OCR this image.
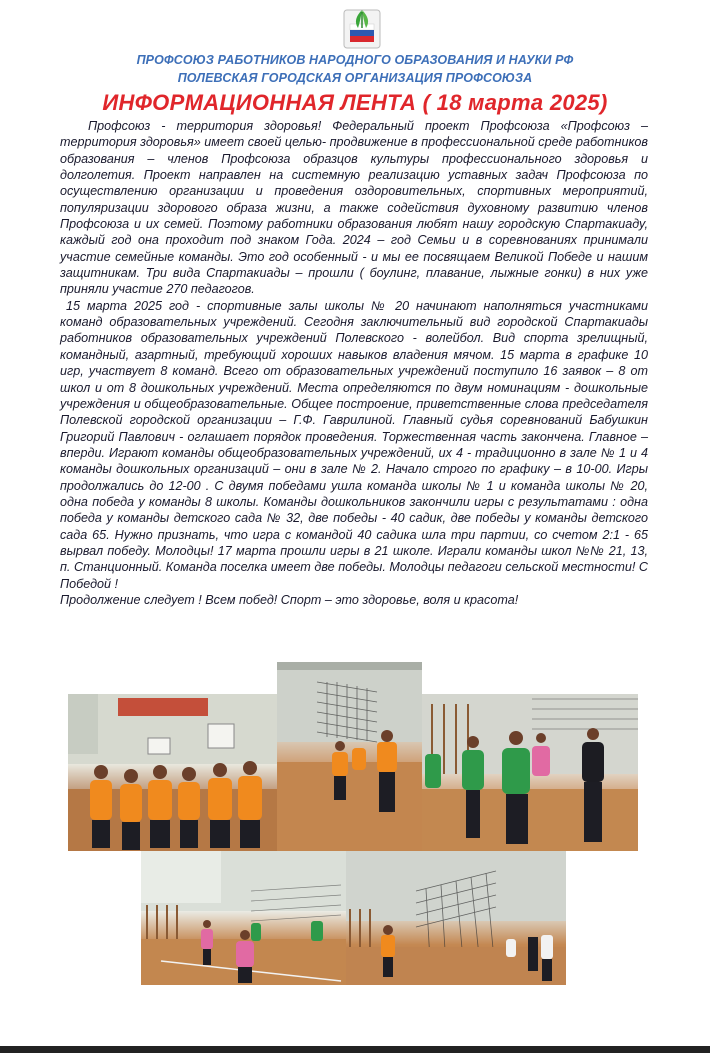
ПРОФСОЮЗ РАБОТНИКОВ НАРОДНОГО ОБРАЗОВАНИЯ И НАУКИ РФ
ПОЛЕВСКАЯ ГОРОДСКАЯ ОРГАНИЗАЦИЯ ПРОФСОЮЗА
ИНФОРМАЦИОННАЯ ЛЕНТА ( 18 марта 2025)

Профсоюз - территория здоровья! Федеральный проект Профсоюза «Профсоюз – территория здоровья» имеет своей целью- продвижение в профессиональной среде работников образования – членов Профсоюза образцов культуры профессионального здоровья и долголетия. Проект направлен на системную реализацию уставных задач Профсоюза по осуществлению организации и проведения оздоровительных, спортивных мероприятий, популяризации здорового образа жизни, а также содействия духовному развитию членов Профсоюза и их семей. Поэтому работники образования любят нашу городскую Спартакиаду, каждый год она проходит под знаком Года. 2024 – год Семьи и в соревнованиях принимали участие семейные команды. Это год особенный - и мы ее посвящаем Великой Победе и нашим защитникам. Три вида Спартакиады – прошли ( боулинг, плавание, лыжные гонки) в них уже приняли участие 270 педагогов.

15 марта 2025 год - спортивные залы школы № 20 начинают наполняться участниками команд образовательных учреждений. Сегодня заключительный вид городской Спартакиады работников образовательных учреждений Полевского - волейбол. Вид спорта зрелищный, командный, азартный, требующий хороших навыков владения мячом. 15 марта в графике 10 игр, участвует 8 команд. Всего от образовательных учреждений поступило 16 заявок – 8 от школ и от 8 дошкольных учреждений. Места определяются по двум номинациям - дошкольные учреждения и общеобразовательные. Общее построение, приветственные слова председателя Полевской городской организации – Г.Ф. Гаврилиной. Главный судья соревнований Бабушкин Григорий Павлович - оглашает порядок проведения. Торжественная часть закончена. Главное – вперди. Играют команды общеобразовательных учреждений, их 4 - традиционно в зале № 1 и 4 команды дошкольных организаций – они в зале № 2. Начало строго по графику – в 10-00. Игры продолжались до 12-00 . С двумя победами ушла команда школы № 1 и команда школы № 20, одна победа у команды 8 школы. Команды дошкольников закончили игры с результатами : одна победа у команды детского сада № 32, две победы - 40 садик, две победы у команды детского сада 65. Нужно признать, что игра с командой 40 садика шла три партии, со счетом 2:1 - 65 вырвал победу. Молодцы! 17 марта прошли игры в 21 школе. Играли команды школ №№ 21, 13, п. Станционный. Команда поселка имеет две победы. Молодцы педагоги сельской местности! С Победой !

Продолжение следует ! Всем побед! Спорт – это здоровье, воля и красота!
